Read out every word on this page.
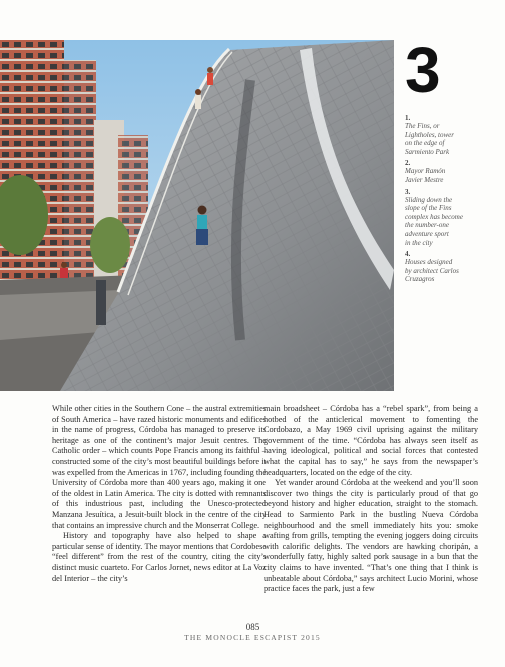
3
1.
The Fins, or
Lightholes, tower
on the edge of
Sarmiento Park
2.
Mayor Ramón
Javier Mestre
3.
Sliding down the
slope of the Fins
complex has become
the number-one
adventure sport
in the city
4.
Houses designed
by architect Carlos
Cruzagros

While other cities in the Southern Cone – the austral extremities of South America – have razed historic monuments and edifices in the name of progress, Córdoba has managed to preserve its heritage as one of the continent’s major Jesuit centres. The Catholic order – which counts Pope Francis among its faithful – constructed some of the city’s most beautiful buildings before it was expelled from the Americas in 1767, including founding the University of Córdoba more than 400 years ago, making it one of the oldest in Latin America. The city is dotted with remnants of this industrious past, including the Unesco-protected Manzana Jesuítica, a Jesuit-built block in the centre of the city that contains an impressive church and the Monserrat College.

History and topography have also helped to shape a particular sense of identity. The mayor mentions that Cordobese “feel different” from the rest of the country, citing the city’s distinct music cuarteto. For Carlos Jornet, news editor at La Voz del Interior – the city’s

main broadsheet – Córdoba has a “rebel spark”, from being a hotbed of the anticlerical movement to fomenting the Cordobazo, a May 1969 civil uprising against the military government of the time. “Córdoba has always seen itself as having ideological, political and social forces that contested what the capital has to say,” he says from the newspaper’s headquarters, located on the edge of the city.

Yet wander around Córdoba at the weekend and you’ll soon discover two things the city is particularly proud of that go beyond history and higher education, straight to the stomach. Head to Sarmiento Park in the bustling Nueva Córdoba neighbourhood and the smell immediately hits you: smoke wafting from grills, tempting the evening joggers doing circuits with calorific delights. The vendors are hawking choripán, a wonderfully fatty, highly salted pork sausage in a bun that the city claims to have invented. “That’s one thing that I think is unbeatable about Córdoba,” says architect Lucio Morini, whose practice faces the park, just a few

085
THE MONOCLE ESCAPIST 2015
